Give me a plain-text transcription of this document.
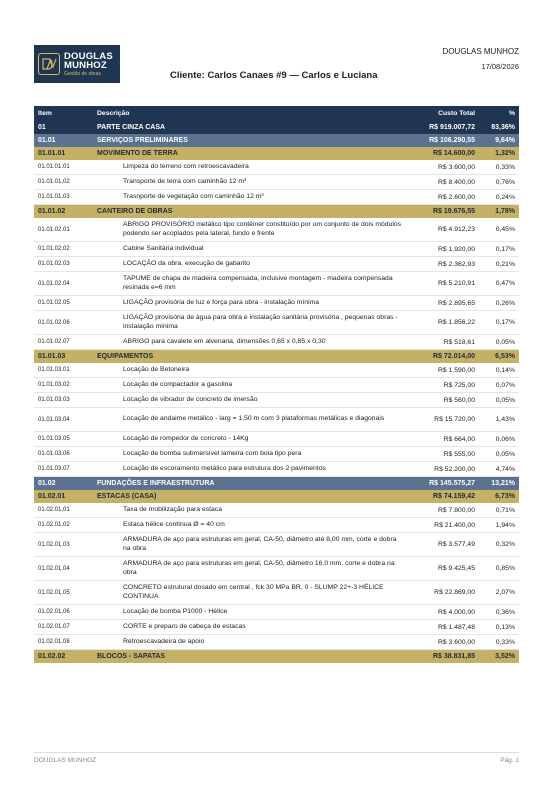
DOUGLAS
MUNHOZ
Gestão de obras
DOUGLAS MUNHOZ
17/08/2026
Cliente: Carlos Canaes #9 — Carlos e Luciana
Item	Descrição	Custo Total	%
01	PARTE CINZA CASA	R$ 919.007,72	83,36%
01.01	SERVIÇOS PRELIMINARES	R$ 106.290,55	9,64%
01.01.01	MOVIMENTO DE TERRA	R$ 14.600,00	1,32%
01.01.01.01	Limpeza do terreno com retroescavadeira	R$ 3.600,00	0,33%
01.01.01.02	Transporte de terra com caminhão 12 m³	R$ 8.400,00	0,76%
01.01.01.03	Trasnporte de vegetação com caminhão 12 m³	R$ 2.600,00	0,24%
01.01.02	CANTEIRO DE OBRAS	R$ 19.676,55	1,78%
01.01.02.01	ABRIGO PROVISÓRIO metálico tipo contêiner constituído por um conjunto de dois módulos podendo ser acoplados pela lateral, fundo e frente	R$ 4.912,23	0,45%
01.01.02.02	Cabine Sanitária individual	R$ 1.920,00	0,17%
01.01.02.03	LOCAÇÃO da obra, execução de gabarito	R$ 2.362,93	0,21%
01.01.02.04	TAPUME de chapa de madeira compensada, inclusive montagem - madeira compensada resinada e=6 mm	R$ 5.210,91	0,47%
01.01.02.05	LIGAÇÃO provisória de luz e força para obra - instalação mínima	R$ 2.895,65	0,26%
01.01.02.06	LIGAÇÃO provisória de água para obra e instalação sanitária provisória , pequenas obras - instalação mínima	R$ 1.856,22	0,17%
01.01.02.07	ABRIGO para cavalete em alvenaria, dimensões 0,65 x 0,85 x 0,30	R$ 518,61	0,05%
01.01.03	EQUIPAMENTOS	R$ 72.014,00	6,53%
01.01.03.01	Locação de Betoneira	R$ 1.590,00	0,14%
01.01.03.02	Locação de compactador a gasolina	R$ 725,00	0,07%
01.01.03.03	Locação de vibrador de concreto de imersão	R$ 560,00	0,05%
01.01.03.04	Locação de andaime metálico - larg = 1,50 m com 3 plataformas metálicas e diagonais	R$ 15.720,00	1,43%
01.01.03.05	Locação de rompedor de concreto - 14Kg	R$ 664,00	0,06%
01.01.03.06	Locação de bomba submersível lameira com boia tipo pera	R$ 555,00	0,05%
01.01.03.07	Locação de escoramento metálico para estrutura dos 2 pavimentos	R$ 52.200,00	4,74%
01.02	FUNDAÇÕES E INFRAESTRUTURA	R$ 145.575,27	13,21%
01.02.01	ESTACAS (CASA)	R$ 74.159,42	6,73%
01.02.01.01	Taxa de mobilização para estaca	R$ 7.800,00	0,71%
01.02.01.02	Estaca hélice contínua Ø = 40 cm	R$ 21.400,00	1,94%
01.02.01.03	ARMADURA de aço para estruturas em geral, CA-50, diâmetro até 8,00 mm, corte e dobra na obra	R$ 3.577,49	0,32%
01.02.01.04	ARMADURA de aço para estruturas em geral, CA-50, diâmetro 16,0 mm, corte e dobra na obra	R$ 9.425,45	0,85%
01.02.01.05	CONCRETO estrutural dosado em central , fck 30 MPa BR. 0 - SLUMP 22+-3 HÉLICE CONTINUA	R$ 22.869,00	2,07%
01.02.01.06	Locação de bomba P1000 - Hélice	R$ 4.000,00	0,36%
01.02.01.07	CORTE e preparo de cabeça de estacas	R$ 1.487,48	0,13%
01.02.01.08	Retroescavadeira de apoio	R$ 3.600,00	0,33%
01.02.02	BLOCOS - SAPATAS	R$ 38.831,85	3,52%
DOUGLAS MUNHOZ	Pág. 1
